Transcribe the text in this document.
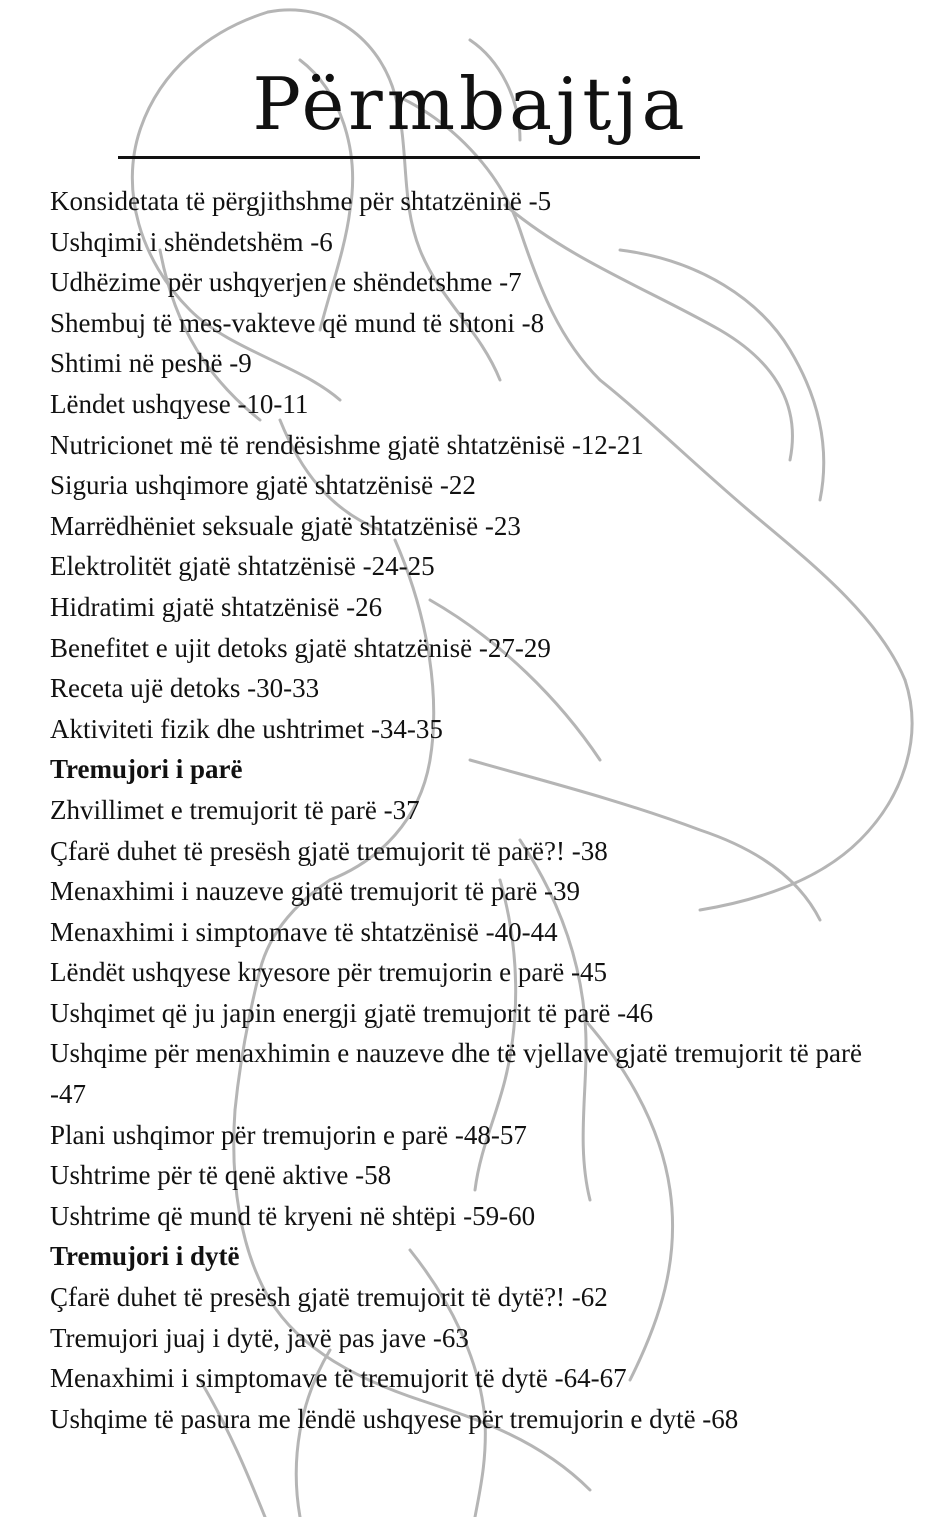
Përmbajtja
Konsidetata të përgjithshme për shtatzëninë -5
Ushqimi i shëndetshëm -6
Udhëzime për ushqyerjen e shëndetshme -7
Shembuj të mes-vakteve që mund të shtoni -8
Shtimi në peshë -9
Lëndet ushqyese -10-11
Nutricionet më të rendësishme gjatë shtatzënisë -12-21
Siguria ushqimore gjatë shtatzënisë -22
Marrëdhëniet seksuale gjatë shtatzënisë -23
Elektrolitët gjatë shtatzënisë -24-25
Hidratimi gjatë shtatzënisë -26
Benefitet e ujit detoks gjatë shtatzënisë -27-29
Receta ujë detoks -30-33
Aktiviteti fizik dhe ushtrimet -34-35
Tremujori i parë
Zhvillimet e tremujorit të parë -37
Çfarë duhet të presësh gjatë tremujorit të parë?! -38
Menaxhimi i nauzeve gjatë tremujorit të parë -39
Menaxhimi i simptomave të shtatzënisë -40-44
Lëndët ushqyese kryesore për tremujorin e parë -45
Ushqimet që ju japin energji gjatë tremujorit të parë -46
Ushqime për menaxhimin e nauzeve dhe të vjellave gjatë tremujorit të parë -47
Plani ushqimor për tremujorin e parë -48-57
Ushtrime për të qenë aktive -58
Ushtrime që mund të kryeni në shtëpi -59-60
Tremujori i dytë
Çfarë duhet të presësh gjatë tremujorit të dytë?! -62
Tremujori juaj i dytë, javë pas jave -63
Menaxhimi i simptomave të tremujorit të dytë -64-67
Ushqime të pasura me lëndë ushqyese për tremujorin e dytë -68
